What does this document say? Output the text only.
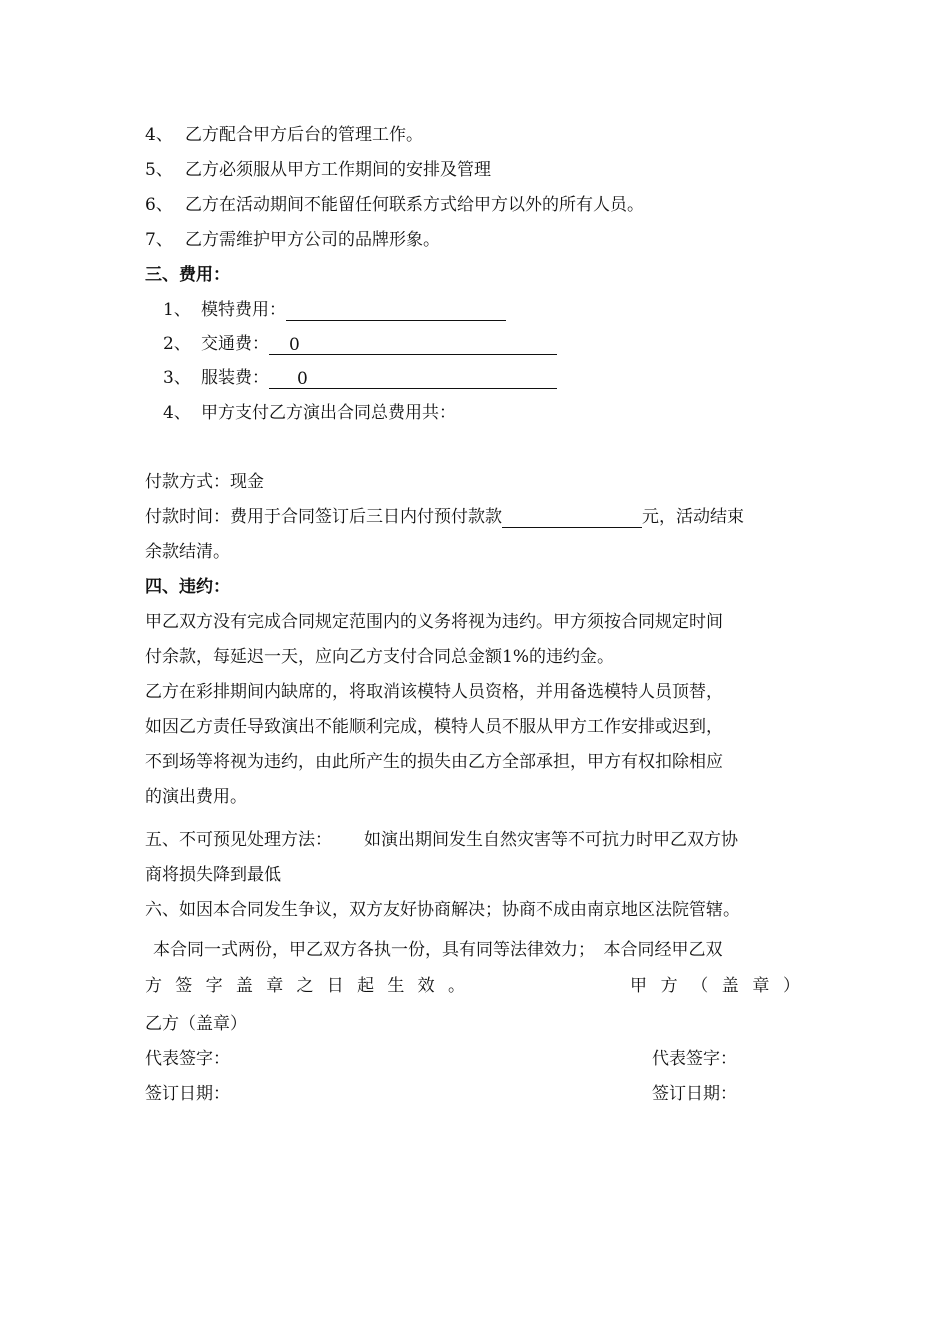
4、 乙方配合甲方后台的管理工作。
5、 乙方必须服从甲方工作期间的安排及管理
6、 乙方在活动期间不能留任何联系方式给甲方以外的所有人员。
7、 乙方需维护甲方公司的品牌形象。
三、费用：
1、 模特费用：
2、 交通费： 0
3、 服装费： 0
4、 甲方支付乙方演出合同总费用共：
付款方式：现金
付款时间：费用于合同签订后三日内付预付款款	元，活动结束
余款结清。
四、违约：
甲乙双方没有完成合同规定范围内的义务将视为违约。甲方须按合同规定时间
付余款，每延迟一天，应向乙方支付合同总金额1%的违约金。
乙方在彩排期间内缺席的，将取消该模特人员资格，并用备选模特人员顶替，
如因乙方责任导致演出不能顺利完成，模特人员不服从甲方工作安排或迟到，
不到场等将视为违约，由此所产生的损失由乙方全部承担，甲方有权扣除相应
的演出费用。
五、不可预见处理方法： 如演出期间发生自然灾害等不可抗力时甲乙双方协
商将损失降到最低
六、如因本合同发生争议，双方友好协商解决；协商不成由南京地区法院管辖。
本合同一式两份，甲乙双方各执一份，具有同等法律效力；　本合同经甲乙双
方 签 字 盖 章 之 日 起 生 效 。	甲 方 （ 盖 章 ）
乙方（盖章）
代表签字：	代表签字：
签订日期：	签订日期：
